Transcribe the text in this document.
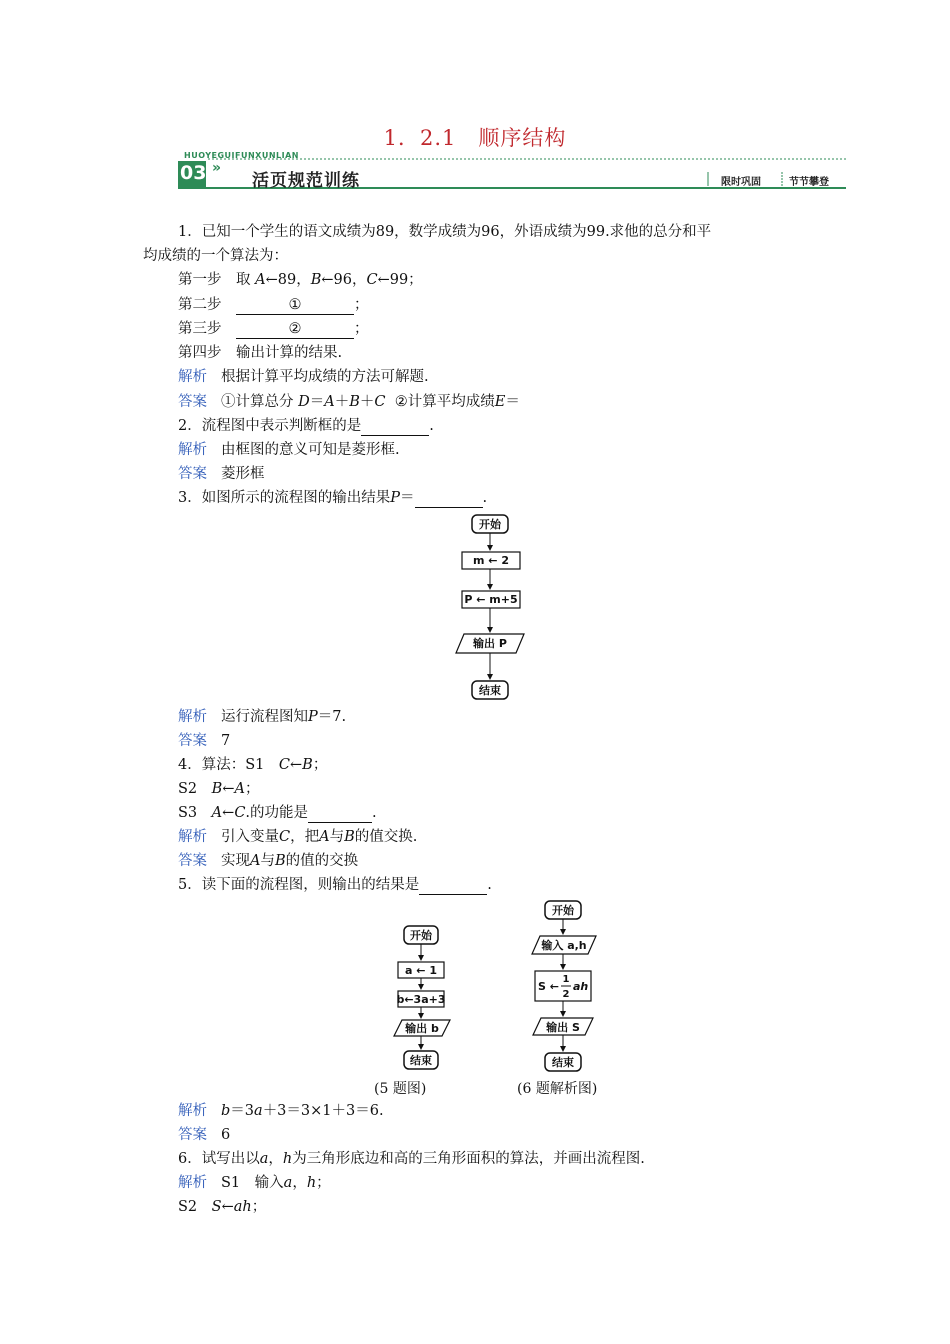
1．2.1　顺序结构
03
HUOYEGUIFUNXUNLIAN
»
活页规范训练	限时巩固	节节攀登
1．已知一个学生的语文成绩为89，数学成绩为96，外语成绩为99.求他的总分和平
均成绩的一个算法为：
第一步　 取 A←89，B←96，C←99；
第二步　	①	；
第三步　	②	；
第四步　 输出计算的结果.
解析 根据计算平均成绩的方法可解题.
答案 ①计算总分 D＝A＋B＋C ②计算平均成绩E＝
2．流程图中表示判断框的是	.
解析 由框图的意义可知是菱形框.
答案 菱形框
3．如图所示的流程图的输出结果P＝	.
开始
m ← 2
P ← m+5
输出 P
结束
解析 运行流程图知P＝7.
答案 7
4．算法：S1　C←B；
S2　B←A；
S3　A←C.的功能是	.
解析 引入变量C，把A与B的值交换.
答案 实现A与B的值的交换
5．读下面的流程图，则输出的结果是	.
开始
a ← 1
b←3a+3
输出 b
结束
开始
输入 a,h
S ←
1
2
ah
输出 S
结束
(5 题图)	(6 题解析图)
解析 b＝3a＋3＝3×1＋3＝6.
答案 6
6．试写出以a，h为三角形底边和高的三角形面积的算法，并画出流程图.
解析 S1　输入a，h；
S2　S←ah；
